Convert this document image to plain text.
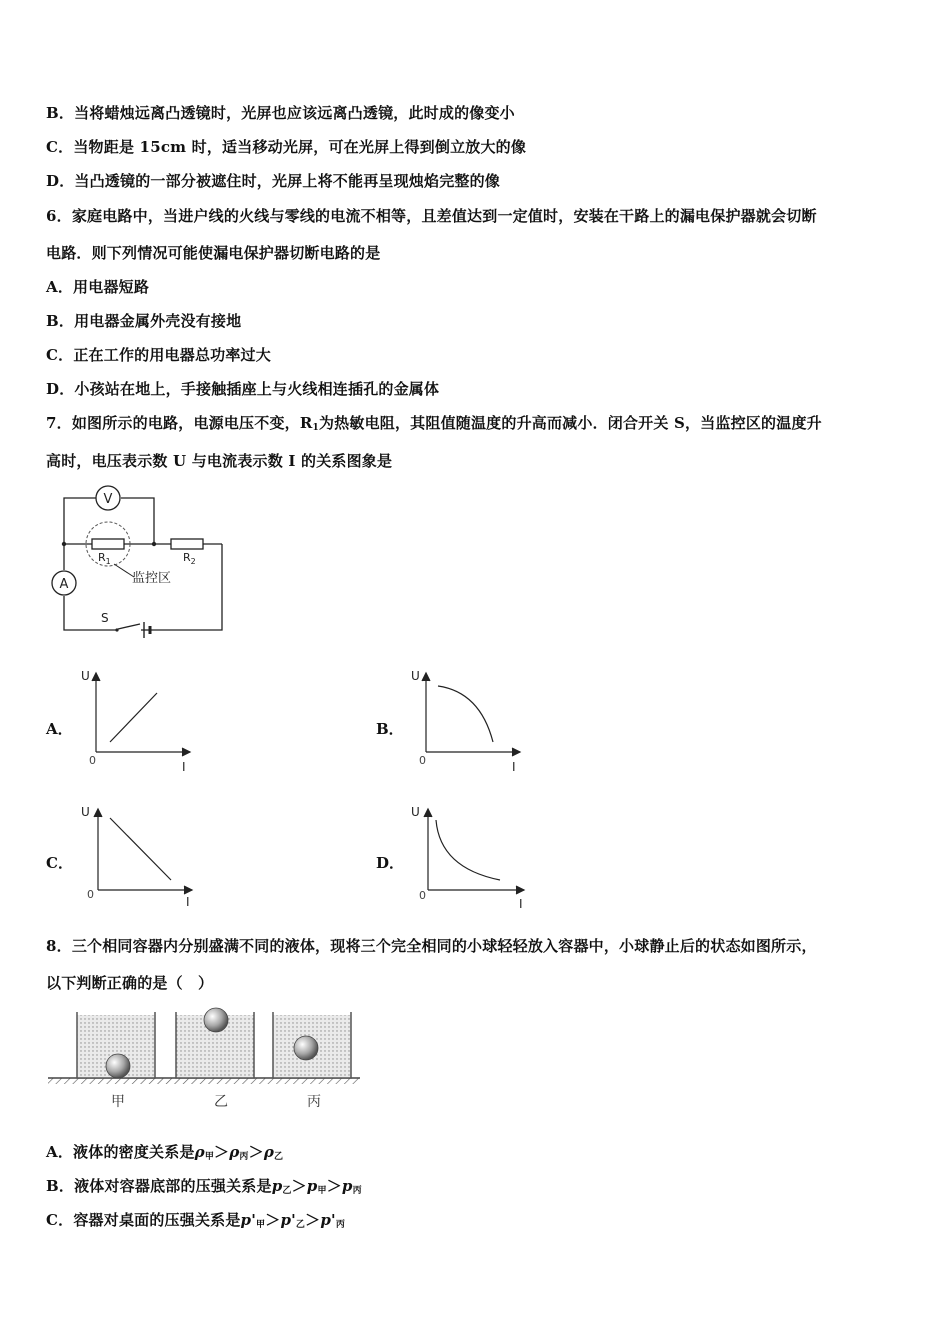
B．当将蜡烛远离凸透镜时，光屏也应该远离凸透镜，此时成的像变小
C．当物距是 15cm 时，适当移动光屏，可在光屏上得到倒立放大的像
D．当凸透镜的一部分被遮住时，光屏上将不能再呈现烛焰完整的像
6．家庭电路中，当进户线的火线与零线的电流不相等，且差值达到一定值时，安装在干路上的漏电保护器就会切断
电路．则下列情况可能使漏电保护器切断电路的是
A．用电器短路
B．用电器金属外壳没有接地
C．正在工作的用电器总功率过大
D．小孩站在地上，手接触插座上与火线相连插孔的金属体
7．如图所示的电路，电源电压不变，$R_1$为热敏电阻，其阻值随温度的升高而减小．闭合开关 S，当监控区的温度升
高时，电压表示数 U 与电流表示数 I 的关系图象是
V
$R_1$	$R_2$
监控区
A
S
A．
U
0	I
B．
U
0	I
C．
U
0
I
D．
U
0
I
8．三个相同容器内分别盛满不同的液体，现将三个完全相同的小球轻轻放入容器中，小球静止后的状态如图所示，
以下判断正确的是（　）
甲	乙	丙
A．液体的密度关系是$\rho_甲>\rho_丙>\rho_乙$
B．液体对容器底部的压强关系是$p_乙>p_甲>p_丙$
C．容器对桌面的压强关系是$p'_甲>p'_乙>p'_丙$
